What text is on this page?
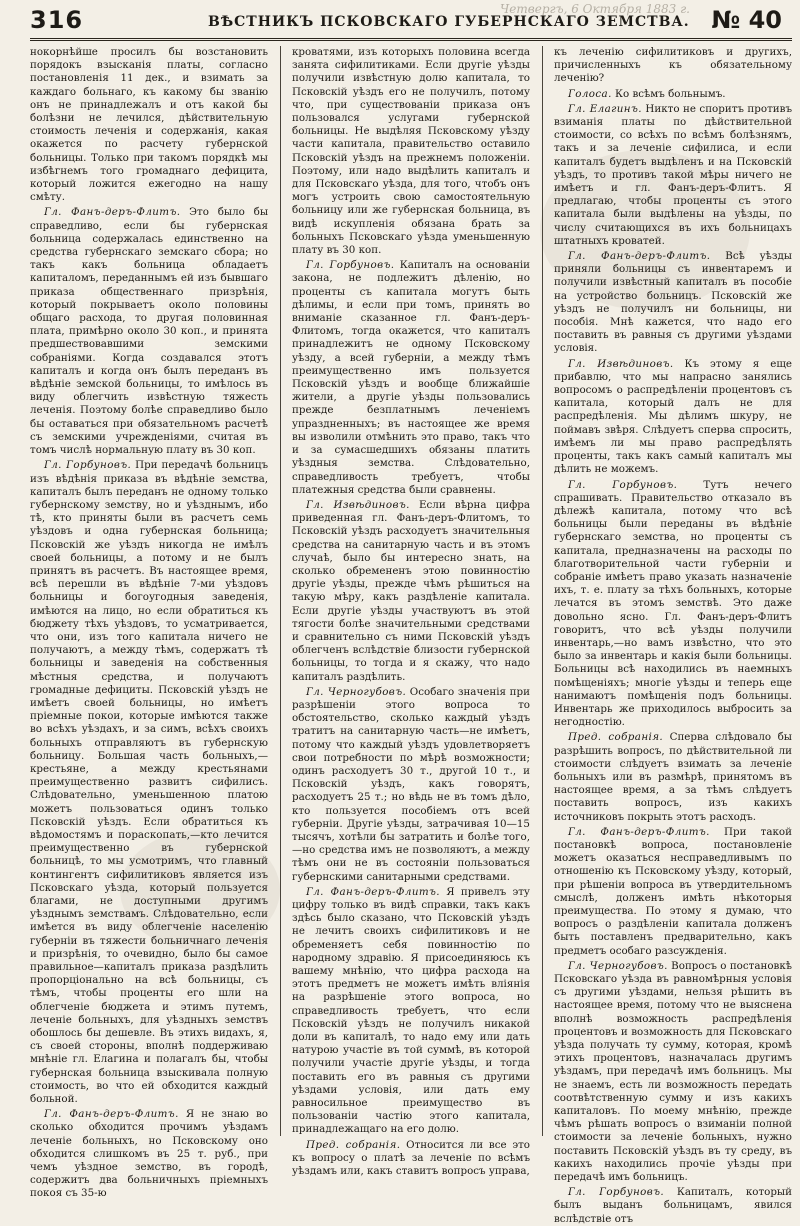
316	Четвергъ, 6 Октября 1883 г.
ВѢСТНИКЪ ПСКОВСКАГО ГУБЕРНСКАГО ЗЕМСТВА. № 40

нокорнѣйше просилъ бы возстановить порядокъ взысканія платы, согласно постановленія 11 дек., и взимать за каждаго больнаго, къ какому бы званію онъ не принадлежалъ и отъ какой бы болѣзни не лечился, дѣйствительную стоимость леченія и содержанія, какая окажется по расчету губернской больницы. Только при такомъ порядкѣ мы избѣгнемъ того громаднаго дефицита, который ложится ежегодно на нашу смѣту.

Гл. Фанъ-деръ-Флитъ. Это было бы справедливо, если бы губернская больница содержалась единственно на средства губернскаго земскаго сбора; но такъ какъ больница обладаетъ капиталомъ, переданнымъ ей изъ бывшаго приказа общественнаго призрѣнія, который покрываетъ около половины общаго расхода, то другая половинная плата, примѣрно около 30 коп., и принята предшествовавшими земскими собраніями. Когда создавался этотъ капиталъ и когда онъ былъ переданъ въ вѣдѣніе земской больницы, то имѣлось въ виду облегчить извѣстную тяжесть леченія. Поэтому болѣе справедливо было бы оставаться при обязательномъ расчетѣ съ земскими учрежденіями, считая въ томъ числѣ нормальную плату въ 30 коп.

Гл. Горбуновъ. При передачѣ больницъ изъ вѣдѣнія приказа въ вѣдѣніе земства, капиталъ былъ переданъ не одному только губернскому земству, но и уѣзднымъ, ибо тѣ, кто приняты были въ расчетъ семь уѣздовъ и одна губернская больница; Псковскій же уѣздъ никогда не имѣлъ своей больницы, а потому и не былъ принятъ въ расчетъ. Въ настоящее время, всѣ перешли въ вѣдѣніе 7-ми уѣздовъ больницы и богоугодныя заведенія, имѣются на лицо, но если обратиться къ бюджету тѣхъ уѣздовъ, то усматривается, что они, изъ того капитала ничего не получаютъ, а между тѣмъ, содержатъ тѣ больницы и заведенія на собственныя мѣстныя средства, и получаютъ громадные дефициты. Псковскій уѣздъ не имѣетъ своей больницы, но имѣетъ пріемные покои, которые имѣются также во всѣхъ уѣздахъ, и за симъ, всѣхъ своихъ больныхъ отправляютъ въ губернскую больницу. Большая часть больныхъ,—крестьяне, а между крестьянами преимущественно развитъ сифилисъ. Слѣдовательно, уменьшенною платою можетъ пользоваться одинъ только Псковскій уѣздъ. Если обратиться къ вѣдомостямъ и пораскопать,—кто лечится преимущественно въ губернской больницѣ, то мы усмотримъ, что главный контингентъ сифилитиковъ является изъ Псковскаго уѣзда, который пользуется благами, не доступными другимъ уѣзднымъ земствамъ. Слѣдовательно, если имѣется въ виду облегченіе населенію губерніи въ тяжести больничнаго леченія и призрѣнія, то очевидно, было бы самое правильное—капиталъ приказа раздѣлить пропорціонально на всѣ больницы, съ тѣмъ, чтобы проценты его шли на облегченіе бюджета и этимъ путемъ, леченіе больныхъ, для уѣздныхъ земствъ обошлось бы дешевле. Въ этихъ видахъ, я, съ своей стороны, вполнѣ поддерживаю мнѣніе гл. Елагина и полагалъ бы, чтобы губернская больница взыскивала полную стоимость, во что ей обходится каждый больной.

Гл. Фанъ-деръ-Флитъ. Я не знаю во сколько обходится прочимъ уѣздамъ леченіе больныхъ, но Псковскому оно обходится слишкомъ въ 25 т. руб., при чемъ уѣздное земство, въ городѣ, содержитъ два больничныхъ пріемныхъ покоя съ 35-ю

кроватями, изъ которыхъ половина всегда занята сифилитиками. Если другіе уѣзды получили извѣстную долю капитала, то Псковскій уѣздъ его не получилъ, потому что, при существованіи приказа онъ пользовался услугами губернской больницы. Не выдѣляя Псковскому уѣзду части капитала, правительство оставило Псковскій уѣздъ на прежнемъ положеніи. Поэтому, или надо выдѣлить капиталъ и для Псковскаго уѣзда, для того, чтобъ онъ могъ устроить свою самостоятельную больницу или же губернская больница, въ видѣ искупленія обязана брать за больныхъ Псковскаго уѣзда уменьшенную плату въ 30 коп.

Гл. Горбуновъ. Капиталъ на основаніи закона, не подлежитъ дѣленію, но проценты съ капитала могутъ быть дѣлимы, и если при томъ, принять во вниманіе сказанное гл. Фанъ-деръ-Флитомъ, тогда окажется, что капиталъ принадлежитъ не одному Псковскому уѣзду, а всей губерніи, а между тѣмъ преимущественно имъ пользуется Псковскій уѣздъ и вообще ближайшіе жители, а другіе уѣзды пользовались прежде безплатнымъ леченіемъ упраздненныхъ; въ настоящее же время вы изволили отмѣнить это право, такъ что и за сумасшедшихъ обязаны платить уѣздныя земства. Слѣдовательно, справедливость требуетъ, чтобы платежныя средства были сравнены.

Гл. Извѣдиновъ. Если вѣрна цифра приведенная гл. Фанъ-деръ-Флитомъ, то Псковскій уѣздъ расходуетъ значительныя средства на санитарную часть и въ этомъ случаѣ, было бы интересно знать, на сколько обремененъ этою повинностію другіе уѣзды, прежде чѣмъ рѣшиться на такую мѣру, какъ раздѣленіе капитала. Если другіе уѣзды участвуютъ въ этой тягости болѣе значительными средствами и сравнительно съ ними Псковскій уѣздъ облегченъ вслѣдствіе близости губернской больницы, то тогда и я скажу, что надо капиталъ раздѣлить.

Гл. Черногубовъ. Особаго значенія при разрѣшеніи этого вопроса то обстоятельство, сколько каждый уѣздъ тратитъ на санитарную часть—не имѣетъ, потому что каждый уѣздъ удовлетворяетъ свои потребности по мѣрѣ возможности; одинъ расходуетъ 30 т., другой 10 т., и Псковскій уѣздъ, какъ говорятъ, расходуетъ 25 т.; но вѣдь не въ томъ дѣло, кто пользуется пособіемъ отъ всей губерніи. Другіе уѣзды, затрачивая 10—15 тысячъ, хотѣли бы затратить и болѣе того,—но средства имъ не позволяютъ, а между тѣмъ они не въ состояніи пользоваться губернскими санитарными средствами.

Гл. Фанъ-деръ-Флитъ. Я привелъ эту цифру только въ видѣ справки, такъ какъ здѣсь было сказано, что Псковскій уѣздъ не лечитъ своихъ сифилитиковъ и не обременяетъ себя повинностію по народному здравію. Я присоединяюсь къ вашему мнѣнію, что цифра расхода на этотъ предметъ не можетъ имѣть вліянія на разрѣшеніе этого вопроса, но справедливость требуетъ, что если Псковскій уѣздъ не получилъ никакой доли въ капиталѣ, то надо ему или дать натурою участіе въ той суммѣ, въ которой получили участіе другіе уѣзды, и тогда поставить его въ равныя съ другими уѣздами условія, или дать ему равносильное преимущество въ пользованіи частію этого капитала, принадлежащаго на его долю.

Пред. собранія. Относится ли все это къ вопросу о платѣ за леченіе по всѣмъ уѣздамъ или, какъ ставитъ вопросъ управа,

къ леченію сифилитиковъ и другихъ, причисленныхъ къ обязательному леченію?

Голоса. Ко всѣмъ больнымъ.

Гл. Елагинъ. Никто не споритъ противъ взиманія платы по дѣйствительной стоимости, со всѣхъ по всѣмъ болѣзнямъ, такъ и за леченіе сифилиса, и если капиталъ будетъ выдѣленъ и на Псковскій уѣздъ, то противъ такой мѣры ничего не имѣетъ и гл. Фанъ-деръ-Флитъ. Я предлагаю, чтобы проценты съ этого капитала были выдѣлены на уѣзды, по числу считающихся въ ихъ больницахъ штатныхъ кроватей.

Гл. Фанъ-деръ-Флитъ. Всѣ уѣзды приняли больницы съ инвентаремъ и получили извѣстный капиталъ въ пособіе на устройство больницъ. Псковскій же уѣздъ не получилъ ни больницы, ни пособія. Мнѣ кажется, что надо его поставить въ равныя съ другими уѣздами условія.

Гл. Извѣдиновъ. Къ этому я еще прибавлю, что мы напрасно занялись вопросомъ о распредѣленіи процентовъ съ капитала, который далъ не для распредѣленія. Мы дѣлимъ шкуру, не поймавъ звѣря. Слѣдуетъ сперва спросить, имѣемъ ли мы право распредѣлять проценты, такъ какъ самый капиталъ мы дѣлить не можемъ.

Гл. Горбуновъ. Тутъ нечего спрашивать. Правительство отказало въ дѣлежѣ капитала, потому что всѣ больницы были переданы въ вѣдѣніе губернскаго земства, но проценты съ капитала, предназначены на расходы по благотворительной части губерніи и собраніе имѣетъ право указать назначеніе ихъ, т. е. плату за тѣхъ больныхъ, которые лечатся въ этомъ земствѣ. Это даже довольно ясно. Гл. Фанъ-деръ-Флитъ говоритъ, что всѣ уѣзды получили инвентарь,—но вамъ извѣстно, что это было за инвентарь и какія были больницы. Больницы всѣ находились въ наемныхъ помѣщеніяхъ; многіе уѣзды и теперь еще нанимаютъ помѣщенія подъ больницы. Инвентарь же приходилось выбросить за негодностію.

Пред. собранія. Сперва слѣдовало бы разрѣшить вопросъ, по дѣйствительной ли стоимости слѣдуетъ взимать за леченіе больныхъ или въ размѣрѣ, принятомъ въ настоящее время, а за тѣмъ слѣдуетъ поставить вопросъ, изъ какихъ источниковъ покрыть этотъ расходъ.

Гл. Фанъ-деръ-Флитъ. При такой постановкѣ вопроса, постановленіе можетъ оказаться несправедливымъ по отношенію къ Псковскому уѣзду, который, при рѣшеніи вопроса въ утвердительномъ смыслѣ, долженъ имѣть нѣкоторыя преимущества. По этому я думаю, что вопросъ о раздѣленіи капитала долженъ быть поставленъ предварительно, какъ предметъ особаго разсужденія.

Гл. Черногубовъ. Вопросъ о постановкѣ Псковскаго уѣзда въ равномѣрныя условія съ другими уѣздами, нельзя рѣшить въ настоящее время, потому что не выяснена вполнѣ возможность распредѣленія процентовъ и возможность для Псковскаго уѣзда получать ту сумму, которая, кромѣ этихъ процентовъ, назначалась другимъ уѣздамъ, при передачѣ имъ больницъ. Мы не знаемъ, есть ли возможность передать соотвѣтственную сумму и изъ какихъ капиталовъ. По моему мнѣнію, прежде чѣмъ рѣшать вопросъ о взиманіи полной стоимости за леченіе больныхъ, нужно поставить Псковскій уѣздъ въ ту среду, въ какихъ находились прочіе уѣзды при передачѣ имъ больницъ.

Гл. Горбуновъ. Капиталъ, который былъ выданъ больницамъ, явился вслѣдствіе отъ
